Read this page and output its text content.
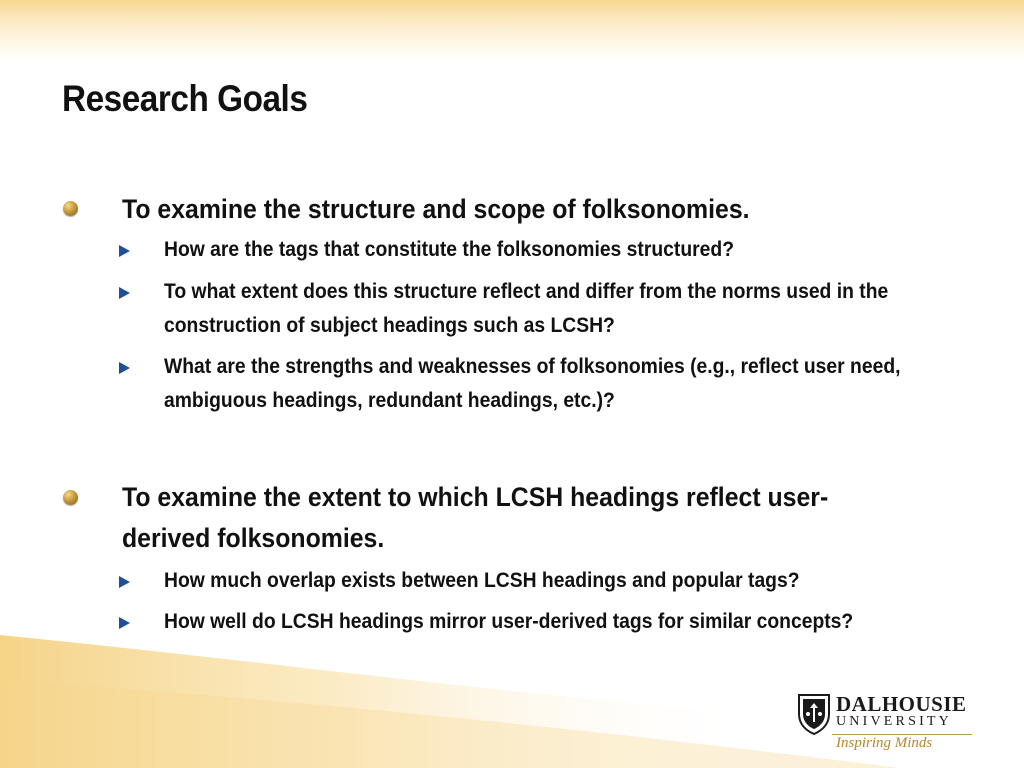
Research Goals
To examine the structure and scope of folksonomies.
How are the tags that constitute the folksonomies structured?
To what extent does this structure reflect and differ from the norms used in the construction of subject headings such as LCSH?
What are the strengths and weaknesses of folksonomies (e.g., reflect user need, ambiguous headings, redundant headings, etc.)?
To examine the extent to which LCSH headings reflect user-derived folksonomies.
How much overlap exists between LCSH headings and popular tags?
How well do LCSH headings mirror user-derived tags for similar concepts?
DALHOUSIE
UNIVERSITY
Inspiring Minds
